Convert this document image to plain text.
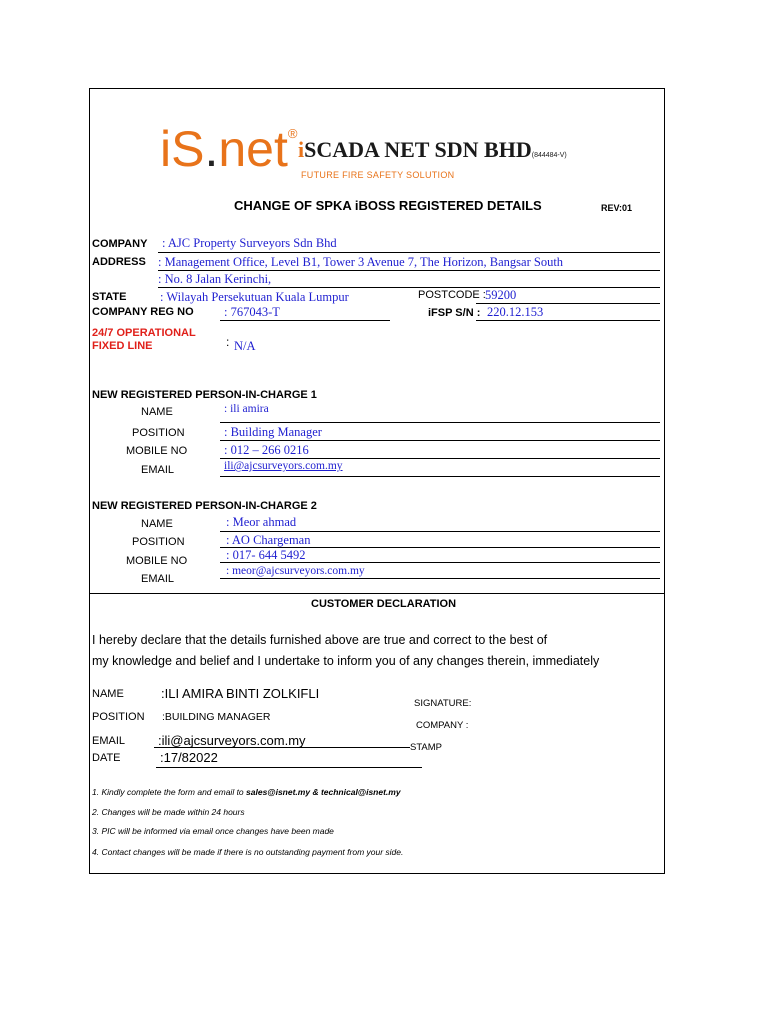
iS.net®
iSCADA NET SDN BHD(844484-V)
FUTURE FIRE SAFETY SOLUTION
CHANGE OF SPKA iBOSS REGISTERED DETAILS	REV:01
COMPANY : AJC Property Surveyors Sdn Bhd
ADDRESS : Management Office, Level B1, Tower 3 Avenue 7, The Horizon, Bangsar South
: No. 8 Jalan Kerinchi,
STATE	: Wilayah Persekutuan Kuala Lumpur	POSTCODE : 59200
COMPANY REG NO : 767043-T	iFSP S/N : 220.12.153
24/7 OPERATIONAL
FIXED LINE	: N/A
NEW REGISTERED PERSON-IN-CHARGE 1
NAME	: ili amira
POSITION	: Building Manager
MOBILE NO	: 012 – 266 0216
EMAIL	ili@ajcsurveyors.com.my
NEW REGISTERED PERSON-IN-CHARGE 2
NAME	: Meor ahmad
POSITION	: AO Chargeman
MOBILE NO	: 017- 644 5492
EMAIL
: meor@ajcsurveyors.com.my
CUSTOMER DECLARATION
I hereby declare that the details furnished above are true and correct to the best of
my knowledge and belief and I undertake to inform you of any changes therein, immediately
NAME	:ILI AMIRA BINTI ZOLKIFLI
SIGNATURE:
POSITION :BUILDING MANAGER
COMPANY :
EMAIL	:ili@ajcsurveyors.com.my	STAMP
DATE	:17/82022
1. Kindly complete the form and email to sales@isnet.my & technical@isnet.my
2. Changes will be made within 24 hours
3. PIC will be informed via email once changes have been made
4. Contact changes will be made if there is no outstanding payment from your side.
